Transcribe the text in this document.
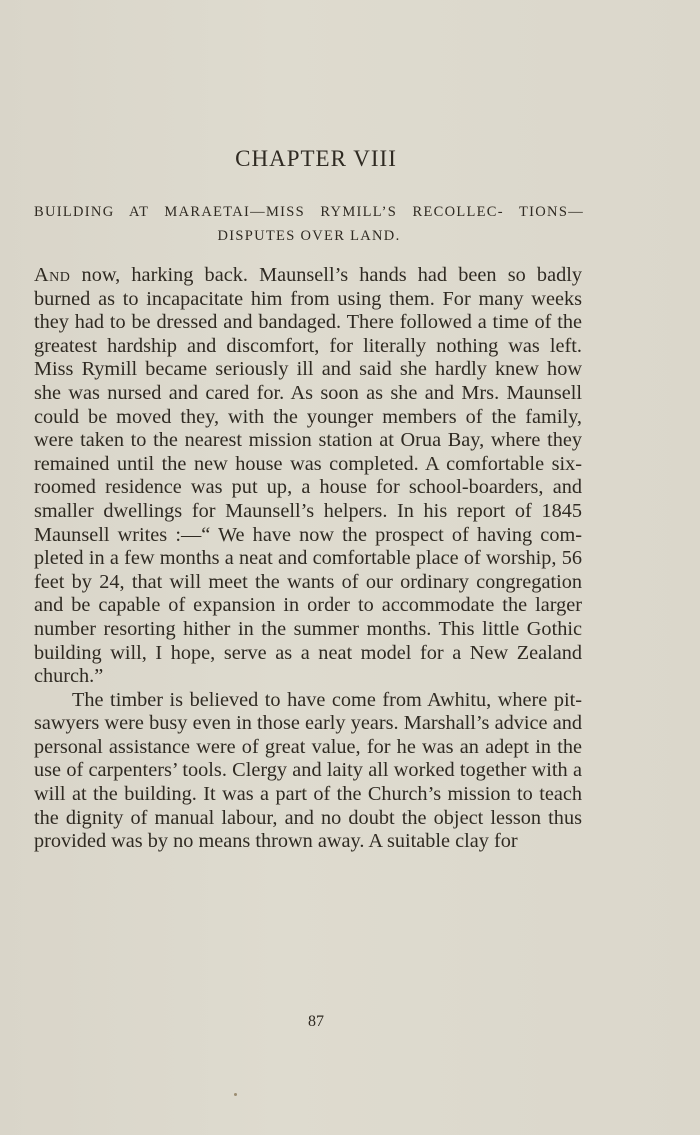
CHAPTER VIII
BUILDING AT MARAETAI—MISS RYMILL’S RECOLLEC- TIONS—DISPUTES OVER LAND.

And now, harking back. Maunsell’s hands had been so badly burned as to incapacitate him from using them. For many weeks they had to be dressed and bandaged. There followed a time of the greatest hardship and discomfort, for literally nothing was left. Miss Rymill became seriously ill and said she hardly knew how she was nursed and cared for. As soon as she and Mrs. Maunsell could be moved they, with the younger members of the family, were taken to the nearest mission station at Orua Bay, where they remained until the new house was completed. A comfortable six-roomed residence was put up, a house for school-boarders, and smaller dwellings for Maunsell’s helpers. In his report of 1845 Maunsell writes :—“ We have now the prospect of having completed in a few months a neat and comfortable place of worship, 56 feet by 24, that will meet the wants of our ordinary congregation and be capable of expansion in order to accommodate the larger number resorting hither in the summer months. This little Gothic building will, I hope, serve as a neat model for a New Zealand church.”

The timber is believed to have come from Awhitu, where pit-sawyers were busy even in those early years. Marshall’s advice and personal assistance were of great value, for he was an adept in the use of carpenters’ tools. Clergy and laity all worked together with a will at the building. It was a part of the Church’s mission to teach the dignity of manual labour, and no doubt the object lesson thus provided was by no means thrown away. A suitable clay for

87
